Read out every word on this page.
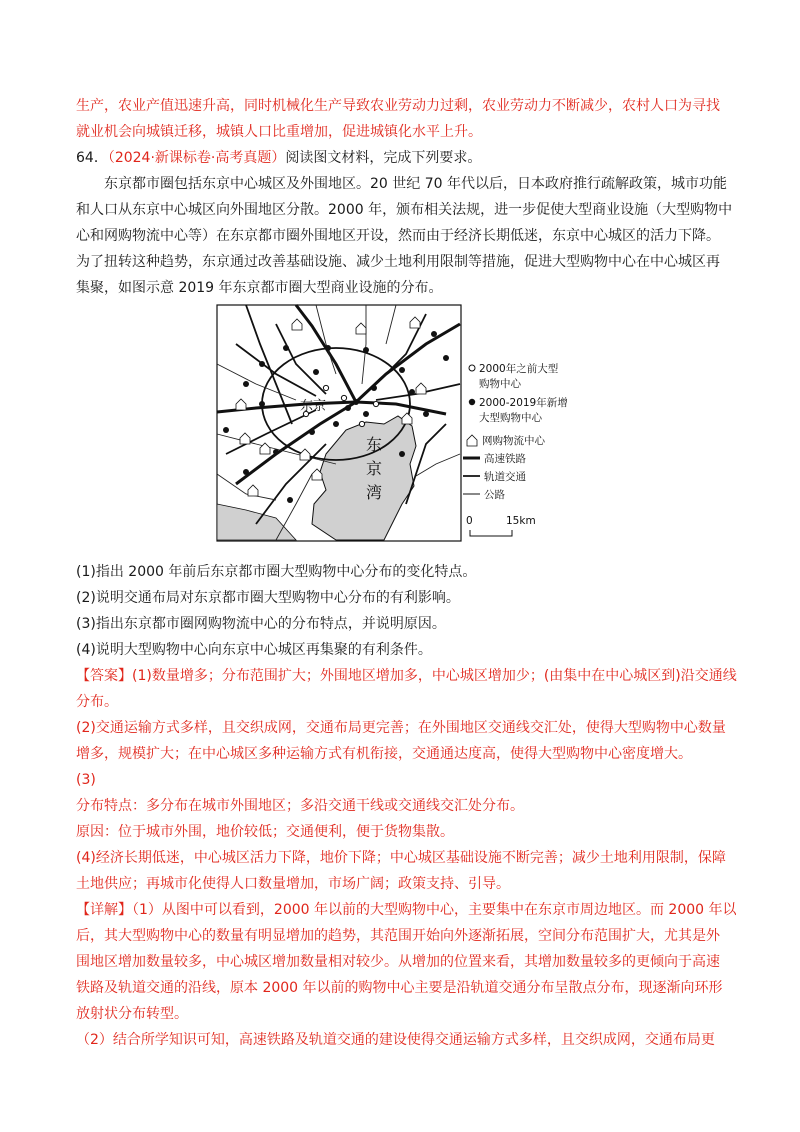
生产，农业产值迅速升高，同时机械化生产导致农业劳动力过剩，农业劳动力不断减少，农村人口为寻找
就业机会向城镇迁移，城镇人口比重增加，促进城镇化水平上升。
64．（2024·新课标卷·高考真题）阅读图文材料，完成下列要求。
东京都市圈包括东京中心城区及外围地区。20 世纪 70 年代以后，日本政府推行疏解政策，城市功能
和人口从东京中心城区向外围地区分散。2000 年，颁布相关法规，进一步促使大型商业设施（大型购物中
心和网购物流中心等）在东京都市圈外围地区开设，然而由于经济长期低迷，东京中心城区的活力下降。
为了扭转这种趋势，东京通过改善基础设施、减少土地利用限制等措施，促进大型购物中心在中心城区再
集聚，如图示意 2019 年东京都市圈大型商业设施的分布。
东京
东
京
湾
2000年之前大型
购物中心
2000-2019年新增
大型购物中心
网购物流中心
高速铁路
轨道交通
公路
0	15km
(1)指出 2000 年前后东京都市圈大型购物中心分布的变化特点。
(2)说明交通布局对东京都市圈大型购物中心分布的有利影响。
(3)指出东京都市圈网购物流中心的分布特点，并说明原因。
(4)说明大型购物中心向东京中心城区再集聚的有利条件。
【答案】(1)数量增多；分布范围扩大；外围地区增加多，中心城区增加少；(由集中在中心城区到)沿交通线
分布。
(2)交通运输方式多样，且交织成网，交通布局更完善；在外围地区交通线交汇处，使得大型购物中心数量
增多，规模扩大；在中心城区多种运输方式有机衔接，交通通达度高，使得大型购物中心密度增大。
(3)
分布特点：多分布在城市外围地区；多沿交通干线或交通线交汇处分布。
原因：位于城市外围，地价较低；交通便利，便于货物集散。
(4)经济长期低迷，中心城区活力下降，地价下降；中心城区基础设施不断完善；减少土地利用限制，保障
土地供应；再城市化使得人口数量增加，市场广阔；政策支持、引导。
【详解】（1）从图中可以看到，2000 年以前的大型购物中心，主要集中在东京市周边地区。而 2000 年以
后，其大型购物中心的数量有明显增加的趋势，其范围开始向外逐渐拓展，空间分布范围扩大，尤其是外
围地区增加数量较多，中心城区增加数量相对较少。从增加的位置来看，其增加数量较多的更倾向于高速
铁路及轨道交通的沿线，原本 2000 年以前的购物中心主要是沿轨道交通分布呈散点分布，现逐渐向环形
放射状分布转型。
（2）结合所学知识可知，高速铁路及轨道交通的建设使得交通运输方式多样，且交织成网，交通布局更
